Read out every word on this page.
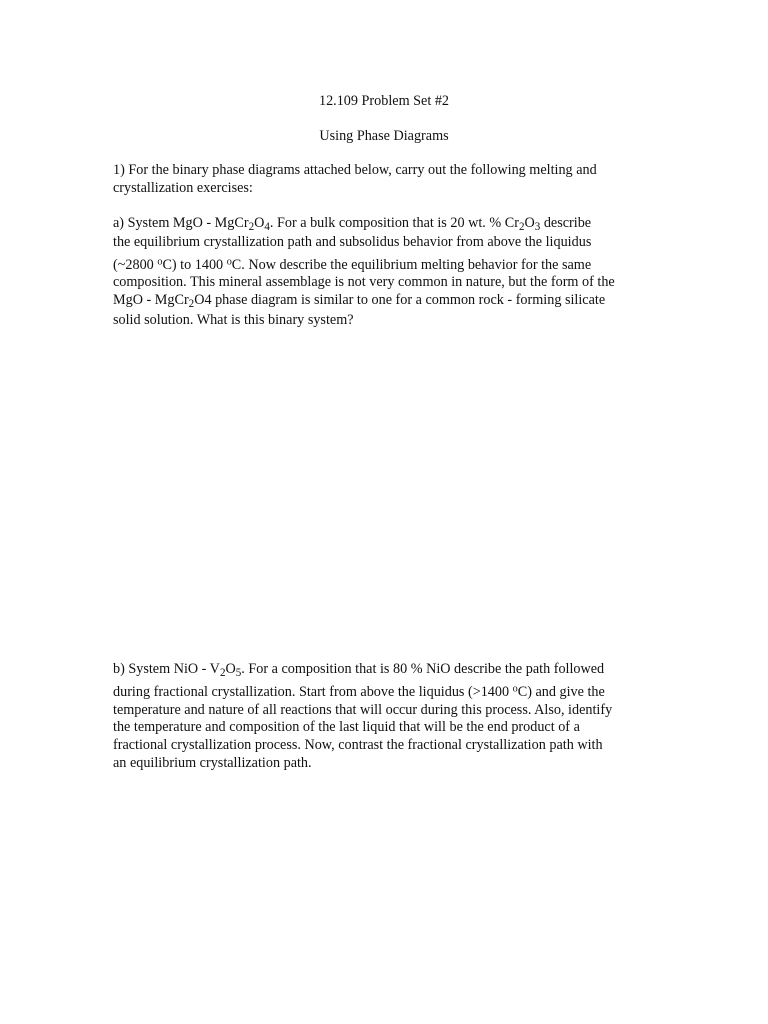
12.109 Problem Set #2
Using Phase Diagrams
1) For the binary phase diagrams attached below, carry out the following melting and
crystallization exercises:
a) System MgO - $MgCr_2O_4$. For a bulk composition that is 20 wt. % $Cr_2O_3$ describe
the equilibrium crystallization path and subsolidus behavior from above the liquidus
(~2800 $^o$C) to 1400 $^o$C. Now describe the equilibrium melting behavior for the same
composition. This mineral assemblage is not very common in nature, but the form of the
MgO - MgCr$_2$O4 phase diagram is similar to one for a common rock - forming silicate
solid solution. What is this binary system?
b) System NiO - $V_2O_5$. For a composition that is 80 % NiO describe the path followed
during fractional crystallization. Start from above the liquidus (>1400 $^o$C) and give the
temperature and nature of all reactions that will occur during this process. Also, identify
the temperature and composition of the last liquid that will be the end product of a
fractional crystallization process. Now, contrast the fractional crystallization path with
an equilibrium crystallization path.
